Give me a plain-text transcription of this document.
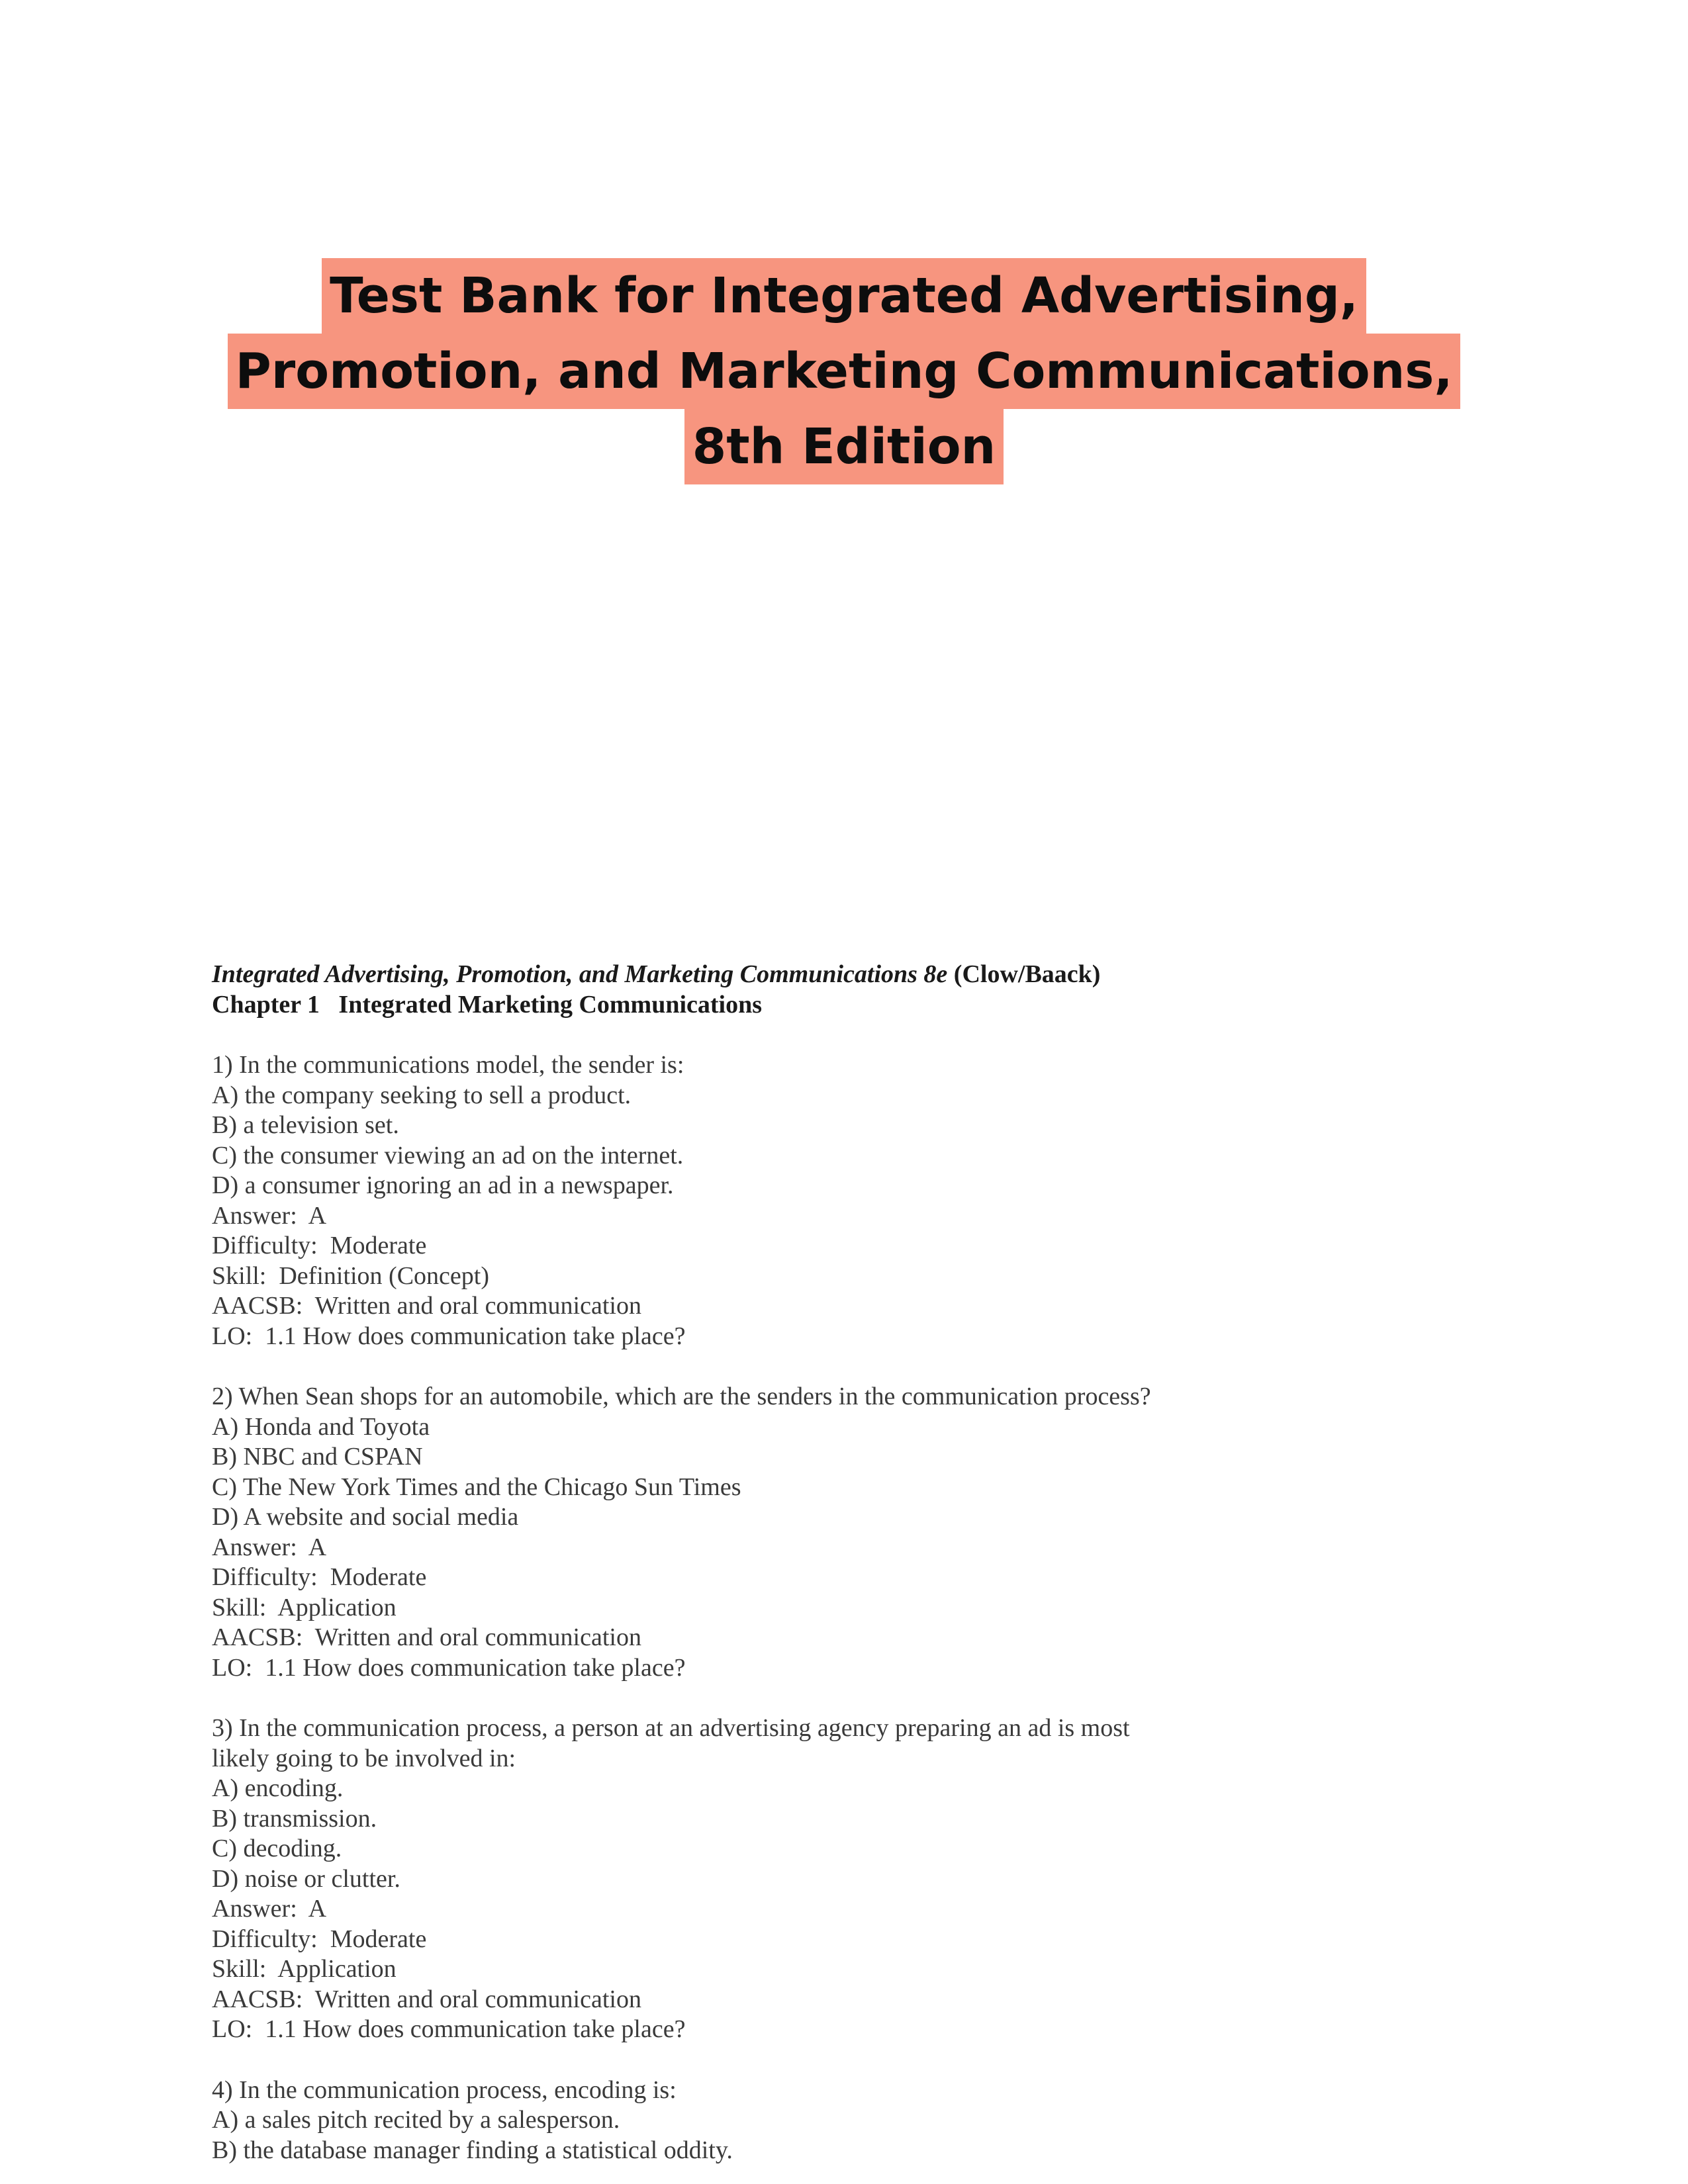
Test Bank for Integrated Advertising,
Promotion, and Marketing Communications,
8th Edition

Integrated Advertising, Promotion, and Marketing Communications 8e (Clow/Baack)

Chapter 1   Integrated Marketing Communications

1) In the communications model, the sender is:
A) the company seeking to sell a product.
B) a television set.
C) the consumer viewing an ad on the internet.
D) a consumer ignoring an ad in a newspaper.
Answer:  A
Difficulty:  Moderate
Skill:  Definition (Concept)
AACSB:  Written and oral communication
LO:  1.1 How does communication take place?
2) When Sean shops for an automobile, which are the senders in the communication process?
A) Honda and Toyota
B) NBC and CSPAN
C) The New York Times and the Chicago Sun Times
D) A website and social media
Answer:  A
Difficulty:  Moderate
Skill:  Application
AACSB:  Written and oral communication
LO:  1.1 How does communication take place?
3) In the communication process, a person at an advertising agency preparing an ad is most
likely going to be involved in:
A) encoding.
B) transmission.
C) decoding.
D) noise or clutter.
Answer:  A
Difficulty:  Moderate
Skill:  Application
AACSB:  Written and oral communication
LO:  1.1 How does communication take place?
4) In the communication process, encoding is:
A) a sales pitch recited by a salesperson.
B) the database manager finding a statistical oddity.
